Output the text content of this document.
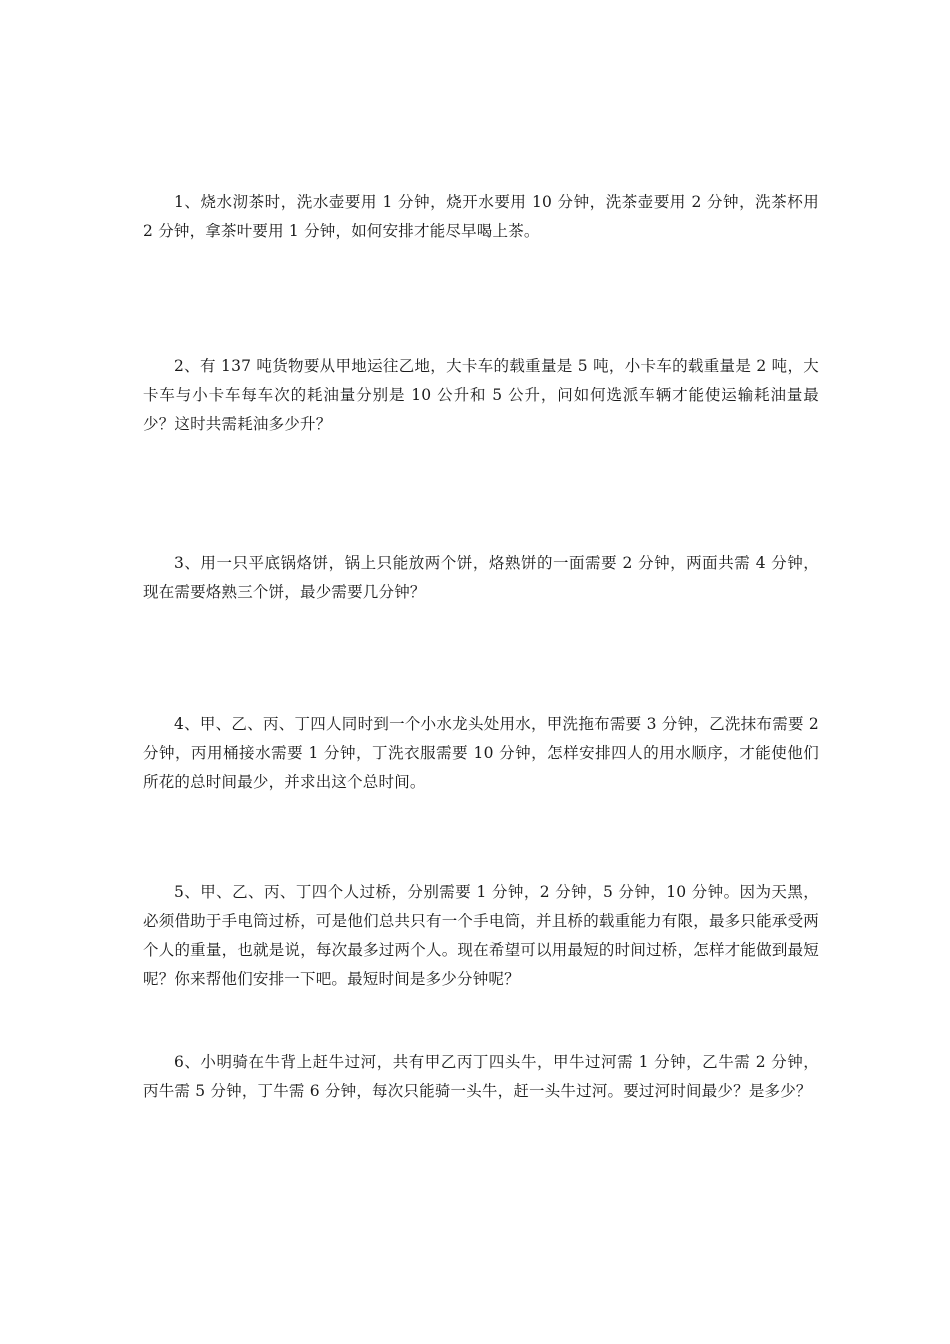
1、烧水沏茶时，洗水壶要用 1 分钟，烧开水要用 10 分钟，洗茶壶要用 2 分钟，洗茶杯用 2 分钟，拿茶叶要用 1 分钟，如何安排才能尽早喝上茶。

2、有 137 吨货物要从甲地运往乙地，大卡车的载重量是 5 吨，小卡车的载重量是 2 吨，大卡车与小卡车每车次的耗油量分别是 10 公升和 5 公升，问如何选派车辆才能使运输耗油量最少？这时共需耗油多少升？

3、用一只平底锅烙饼，锅上只能放两个饼，烙熟饼的一面需要 2 分钟，两面共需 4 分钟，现在需要烙熟三个饼，最少需要几分钟？

4、甲、乙、丙、丁四人同时到一个小水龙头处用水，甲洗拖布需要 3 分钟，乙洗抹布需要 2 分钟，丙用桶接水需要 1 分钟，丁洗衣服需要 10 分钟，怎样安排四人的用水顺序，才能使他们所花的总时间最少，并求出这个总时间。

5、甲、乙、丙、丁四个人过桥，分别需要 1 分钟，2 分钟，5 分钟，10 分钟。因为天黑，必须借助于手电筒过桥，可是他们总共只有一个手电筒，并且桥的载重能力有限，最多只能承受两个人的重量，也就是说，每次最多过两个人。现在希望可以用最短的时间过桥，怎样才能做到最短呢？你来帮他们安排一下吧。最短时间是多少分钟呢？

6、小明骑在牛背上赶牛过河，共有甲乙丙丁四头牛，甲牛过河需 1 分钟，乙牛需 2 分钟，丙牛需 5 分钟，丁牛需 6 分钟，每次只能骑一头牛，赶一头牛过河。要过河时间最少？是多少？
